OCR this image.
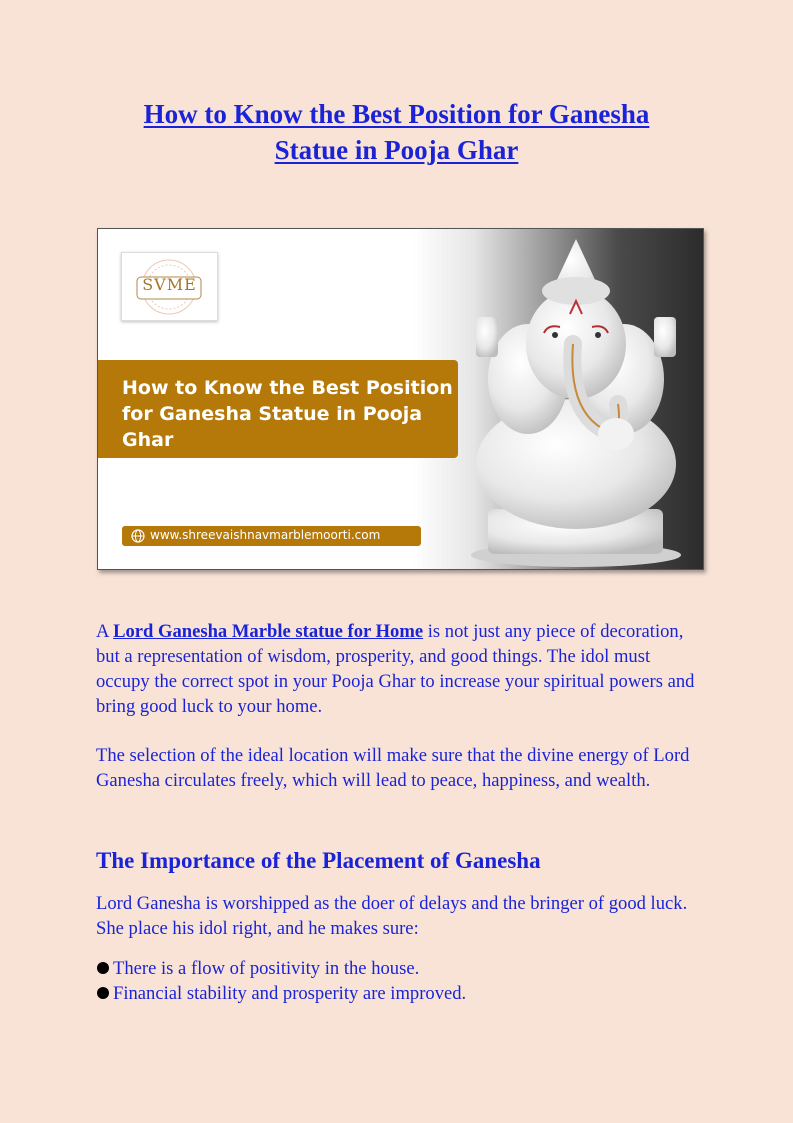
How to Know the Best Position for Ganesha
Statue in Pooja Ghar
SVME
How to Know the Best Position for Ganesha Statue in Pooja Ghar
www.shreevaishnavmarblemoorti.com

A Lord Ganesha Marble statue for Home is not just any piece of decoration, but a representation of wisdom, prosperity, and good things. The idol must occupy the correct spot in your Pooja Ghar to increase your spiritual powers and bring good luck to your home.

The selection of the ideal location will make sure that the divine energy of Lord Ganesha circulates freely, which will lead to peace, happiness, and wealth.

The Importance of the Placement of Ganesha

Lord Ganesha is worshipped as the doer of delays and the bringer of good luck. She place his idol right, and he makes sure:

There is a flow of positivity in the house.
Financial stability and prosperity are improved.
